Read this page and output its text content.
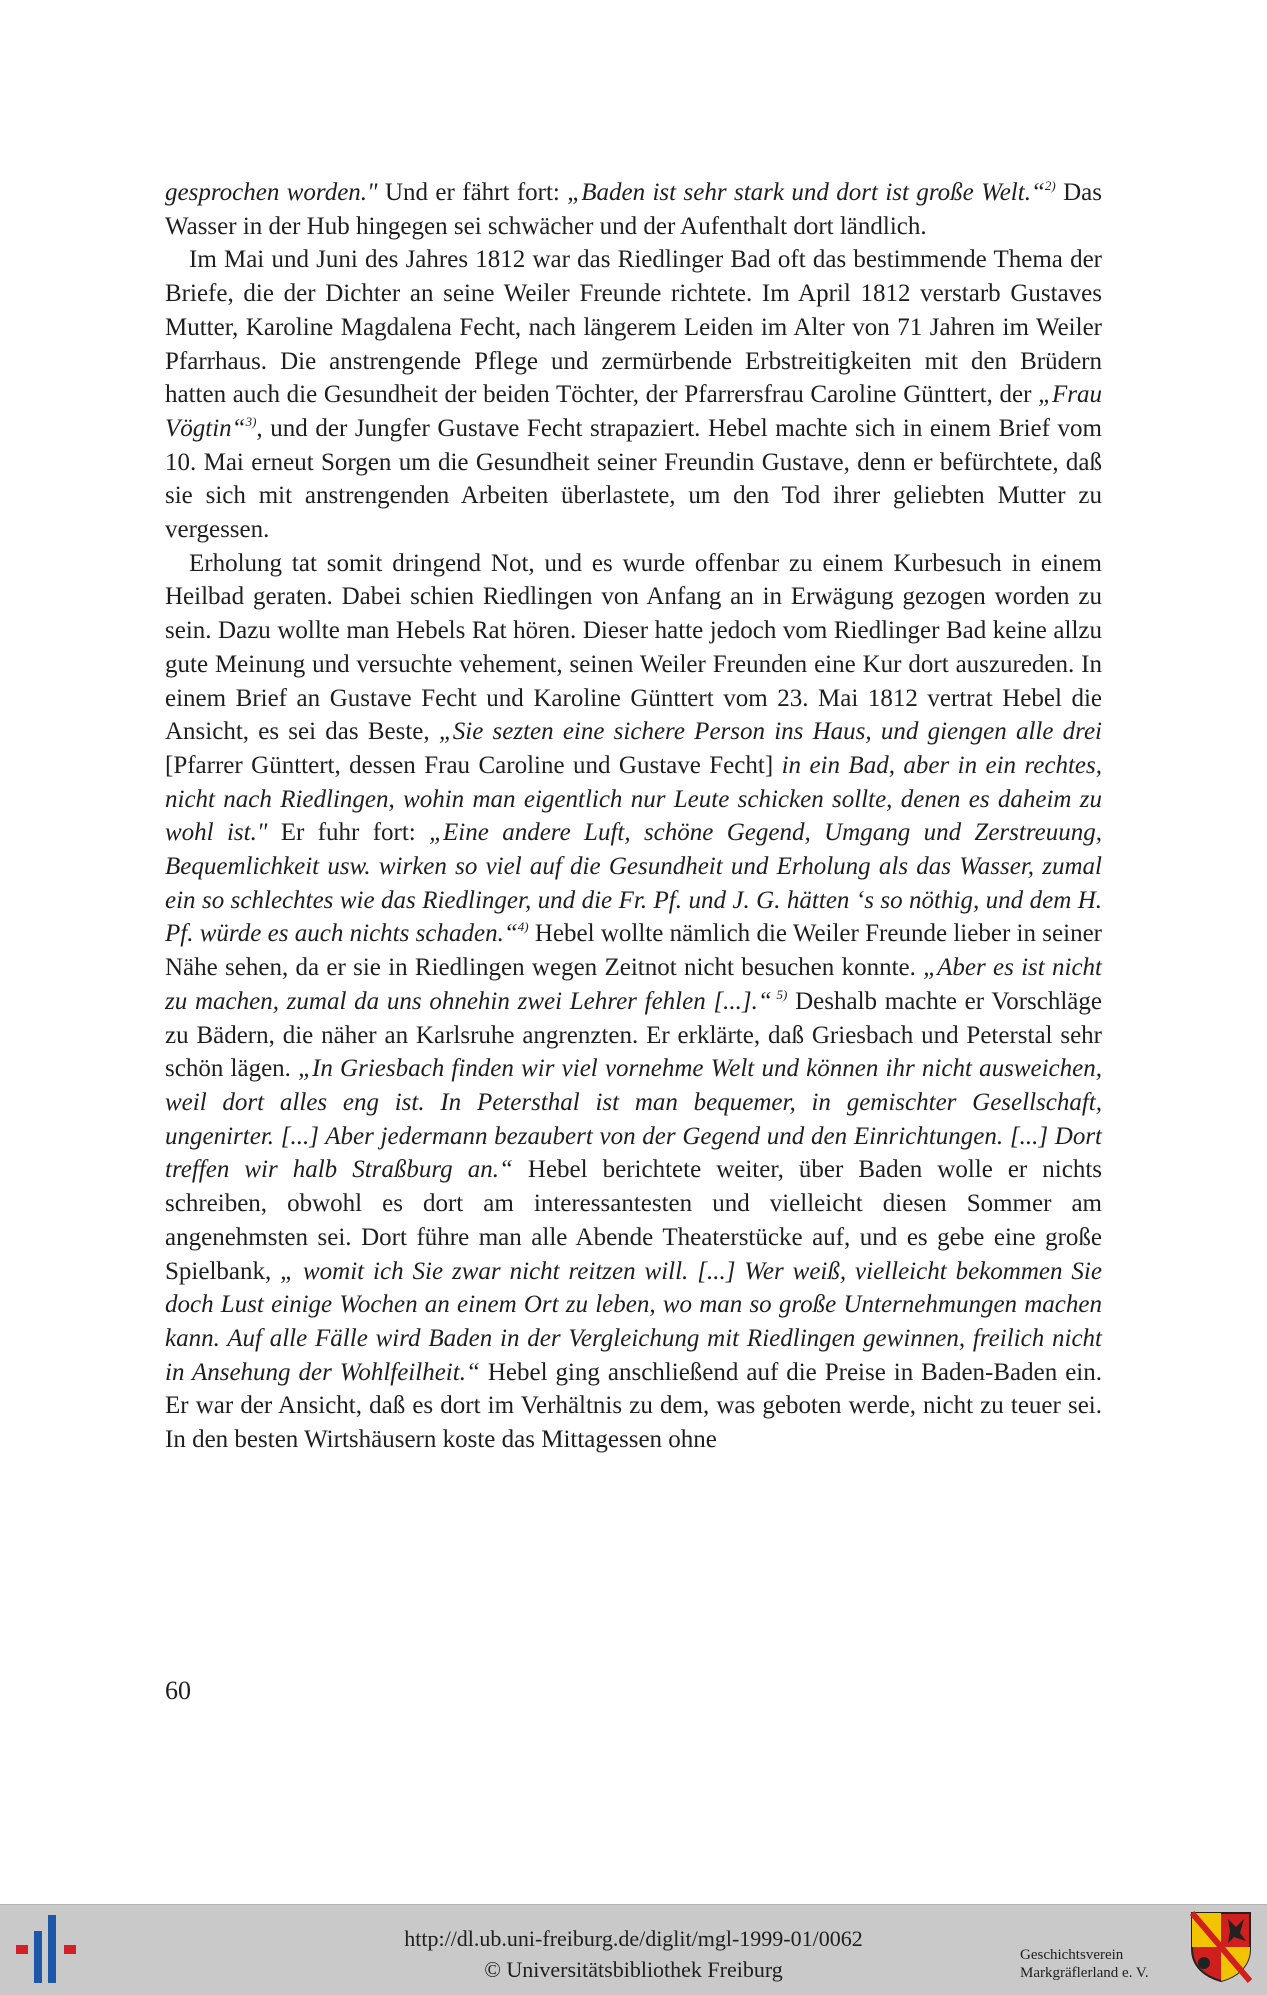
gesprochen worden." Und er fährt fort: „Baden ist sehr stark und dort ist große Welt.“$^{2)}$ Das Wasser in der Hub hingegen sei schwächer und der Aufenthalt dort ländlich.

Im Mai und Juni des Jahres 1812 war das Riedlinger Bad oft das bestimmende Thema der Briefe, die der Dichter an seine Weiler Freunde richtete. Im April 1812 verstarb Gustaves Mutter, Karoline Magdalena Fecht, nach längerem Leiden im Alter von 71 Jahren im Weiler Pfarrhaus. Die anstrengende Pflege und zermürbende Erbstreitigkeiten mit den Brüdern hatten auch die Gesundheit der beiden Töchter, der Pfarrersfrau Caroline Günttert, der „Frau Vögtin“$^{3)}$, und der Jungfer Gustave Fecht strapaziert. Hebel machte sich in einem Brief vom 10. Mai erneut Sorgen um die Gesundheit seiner Freundin Gustave, denn er befürchtete, daß sie sich mit anstrengenden Arbeiten überlastete, um den Tod ihrer geliebten Mutter zu vergessen.

Erholung tat somit dringend Not, und es wurde offenbar zu einem Kurbesuch in einem Heilbad geraten. Dabei schien Riedlingen von Anfang an in Erwägung gezogen worden zu sein. Dazu wollte man Hebels Rat hören. Dieser hatte jedoch vom Riedlinger Bad keine allzu gute Meinung und versuchte vehement, seinen Weiler Freunden eine Kur dort auszureden. In einem Brief an Gustave Fecht und Karoline Günttert vom 23. Mai 1812 vertrat Hebel die Ansicht, es sei das Beste, „Sie sezten eine sichere Person ins Haus, und giengen alle drei [Pfarrer Günttert, dessen Frau Caroline und Gustave Fecht] in ein Bad, aber in ein rechtes, nicht nach Riedlingen, wohin man eigentlich nur Leute schicken sollte, denen es daheim zu wohl ist." Er fuhr fort: „Eine andere Luft, schöne Gegend, Umgang und Zerstreuung, Bequemlichkeit usw. wirken so viel auf die Gesundheit und Erholung als das Wasser, zumal ein so schlechtes wie das Riedlinger, und die Fr. Pf. und J. G. hätten ‘s so nöthig, und dem H. Pf. würde es auch nichts schaden.“$^{4)}$ Hebel wollte nämlich die Weiler Freunde lieber in seiner Nähe sehen, da er sie in Riedlingen wegen Zeitnot nicht besuchen konnte. „Aber es ist nicht zu machen, zumal da uns ohnehin zwei Lehrer fehlen [...].“ $^{5)}$ Deshalb machte er Vorschläge zu Bädern, die näher an Karlsruhe angrenzten. Er erklärte, daß Griesbach und Peterstal sehr schön lägen. „In Griesbach finden wir viel vornehme Welt und können ihr nicht ausweichen, weil dort alles eng ist. In Petersthal ist man bequemer, in gemischter Gesellschaft, ungenirter. [...] Aber jedermann bezaubert von der Gegend und den Einrichtungen. [...] Dort treffen wir halb Straßburg an.“ Hebel berichtete weiter, über Baden wolle er nichts schreiben, obwohl es dort am interessantesten und vielleicht diesen Sommer am angenehmsten sei. Dort führe man alle Abende Theaterstücke auf, und es gebe eine große Spielbank, „ womit ich Sie zwar nicht reitzen will. [...] Wer weiß, vielleicht bekommen Sie doch Lust einige Wochen an einem Ort zu leben, wo man so große Unternehmungen machen kann. Auf alle Fälle wird Baden in der Vergleichung mit Riedlingen gewinnen, freilich nicht in Ansehung der Wohlfeilheit.“ Hebel ging anschließend auf die Preise in Baden-Baden ein. Er war der Ansicht, daß es dort im Verhältnis zu dem, was geboten werde, nicht zu teuer sei. In den besten Wirtshäusern koste das Mittagessen ohne

60
http://dl.ub.uni-freiburg.de/diglit/mgl-1999-01/0062
© Universitätsbibliothek Freiburg
Geschichtsverein
Markgräflerland e. V.
